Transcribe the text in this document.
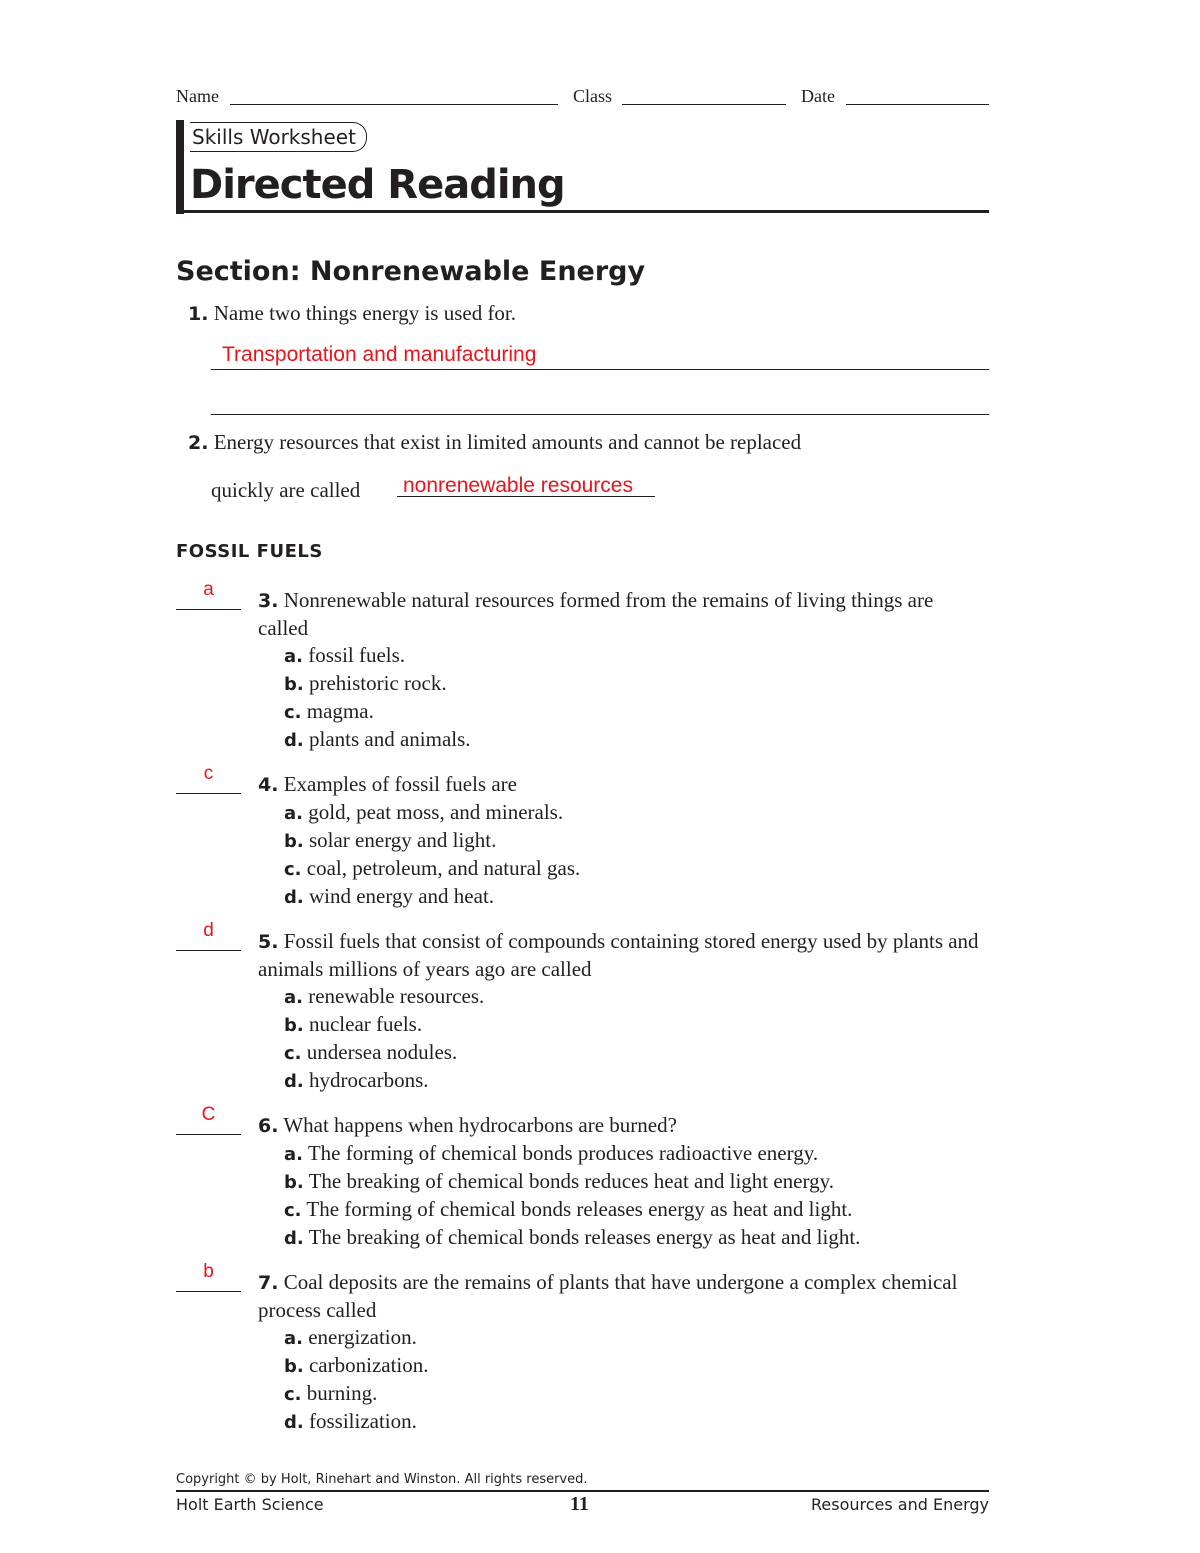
Name	Class	Date
Skills Worksheet
Directed Reading
Section: Nonrenewable Energy
1. Name two things energy is used for.
Transportation and manufacturing
2. Energy resources that exist in limited amounts and cannot be replaced
quickly are called nonrenewable resources
FOSSIL FUELS
a
3. Nonrenewable natural resources formed from the remains of living things are called
a. fossil fuels.
b. prehistoric rock.
c. magma.
d. plants and animals.
c
4. Examples of fossil fuels are
a. gold, peat moss, and minerals.
b. solar energy and light.
c. coal, petroleum, and natural gas.
d. wind energy and heat.
d
5. Fossil fuels that consist of compounds containing stored energy used by plants and animals millions of years ago are called
a. renewable resources.
b. nuclear fuels.
c. undersea nodules.
d. hydrocarbons.
C
6. What happens when hydrocarbons are burned?
a. The forming of chemical bonds produces radioactive energy.
b. The breaking of chemical bonds reduces heat and light energy.
c. The forming of chemical bonds releases energy as heat and light.
d. The breaking of chemical bonds releases energy as heat and light.
b
7. Coal deposits are the remains of plants that have undergone a complex chemical process called
a. energization.
b. carbonization.
c. burning.
d. fossilization.
Copyright © by Holt, Rinehart and Winston. All rights reserved.
Holt Earth Science	11	Resources and Energy
